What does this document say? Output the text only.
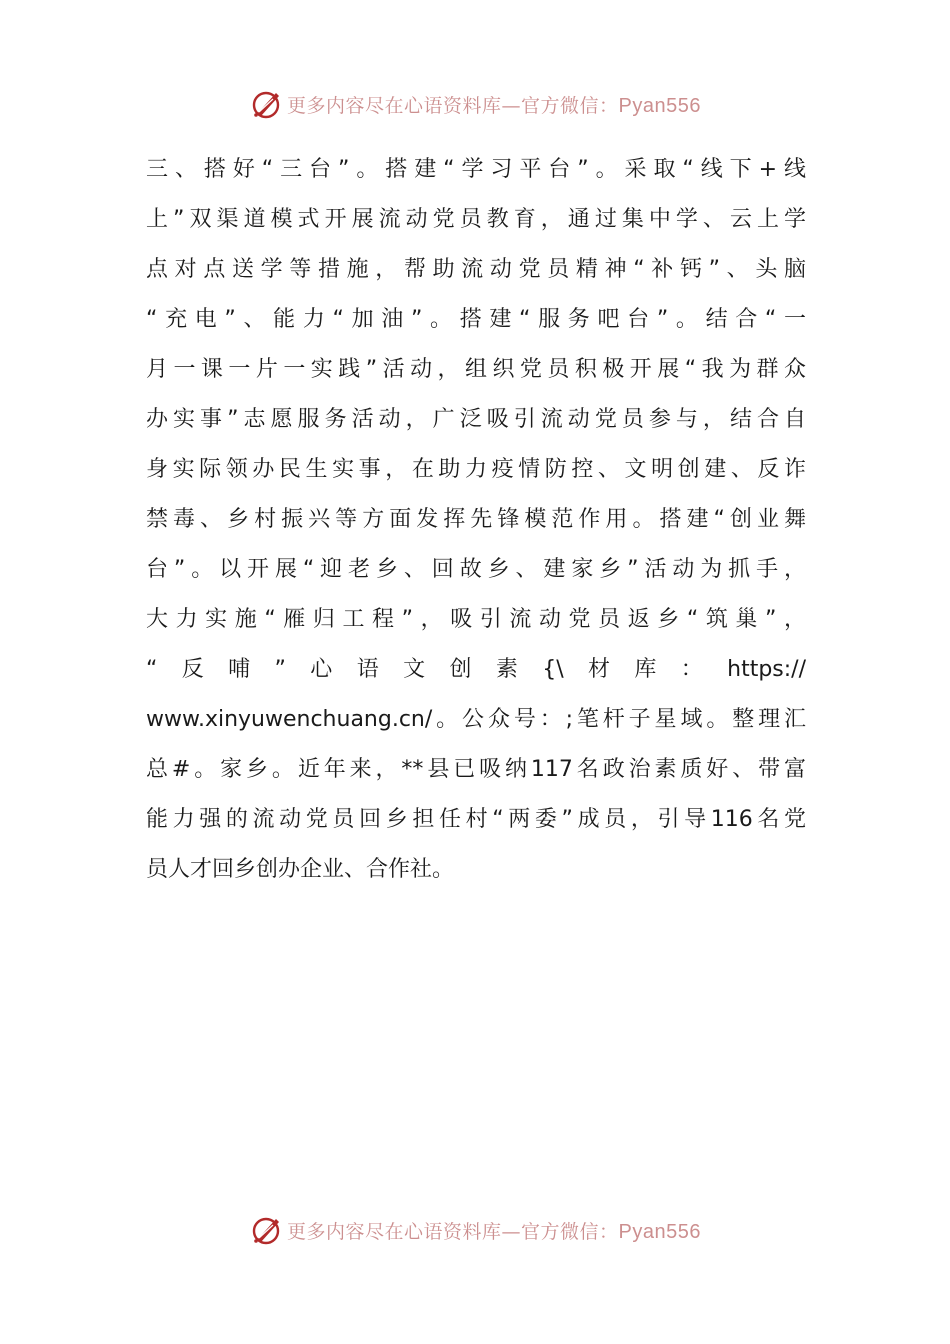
更多内容尽在心语资料库—官方微信：Pyan556
三、搭好“三台”。搭建“学习平台”。采取“线下+线
上”双渠道模式开展流动党员教育，通过集中学、云上学
点对点送学等措施，帮助流动党员精神“补钙”、头脑
“充电”、能力“加油”。搭建“服务吧台”。结合“一
月一课一片一实践”活动，组织党员积极开展“我为群众
办实事”志愿服务活动，广泛吸引流动党员参与，结合自
身实际领办民生实事，在助力疫情防控、文明创建、反诈
禁毒、乡村振兴等方面发挥先锋模范作用。搭建“创业舞
台”。以开展“迎老乡、回故乡、建家乡”活动为抓手，
大力实施“雁归工程”，吸引流动党员返乡“筑巢”，
“反哺”心语文创素{\材库：https://
www.xinyuwenchuang.cn/。公众号：;笔杆子星域。整理汇
总#。家乡。近年来，**县已吸纳117名政治素质好、带富
能力强的流动党员回乡担任村“两委”成员，引导116名党
员人才回乡创办企业、合作社。
更多内容尽在心语资料库—官方微信：Pyan556
